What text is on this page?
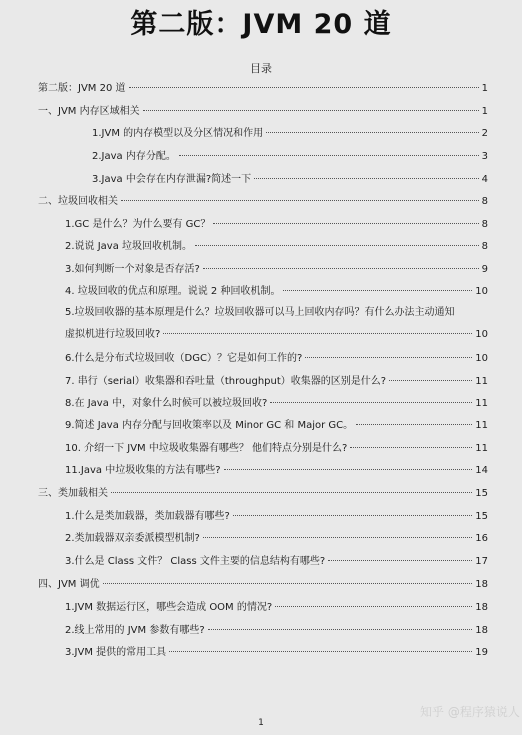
第二版：JVM 20 道
目录
第二版：JVM 20 道	1
一、JVM 内存区域相关	1
1.JVM 的内存模型以及分区情况和作用	2
2.Java 内存分配。	3
3.Java 中会存在内存泄漏?简述一下	4
二、垃圾回收相关	8
1.GC 是什么？为什么要有 GC？	8
2.说说 Java 垃圾回收机制。	8
3.如何判断一个对象是否存活?	9
4. 垃圾回收的优点和原理。说说 2 种回收机制。	10
5.垃圾回收器的基本原理是什么？垃圾回收器可以马上回收内存吗？有什么办法主动通知
虚拟机进行垃圾回收?	10
6.什么是分布式垃圾回收（DGC）？它是如何工作的?	10
7. 串行（serial）收集器和吞吐量（throughput）收集器的区别是什么?	11
8.在 Java 中，对象什么时候可以被垃圾回收?	11
9.简述 Java 内存分配与回收策率以及 Minor GC 和 Major GC。	11
10. 介绍一下 JVM 中垃圾收集器有哪些？ 他们特点分别是什么?	11
11.Java 中垃圾收集的方法有哪些?	14
三、类加载相关	15
1.什么是类加载器，类加载器有哪些?	15
2.类加载器双亲委派模型机制?	16
3.什么是 Class 文件？ Class 文件主要的信息结构有哪些?	17
四、JVM 调优	18
1.JVM 数据运行区，哪些会造成 OOM 的情况?	18
2.线上常用的 JVM 参数有哪些?	18
3.JVM 提供的常用工具	19
知乎 @程序猿说人
1
